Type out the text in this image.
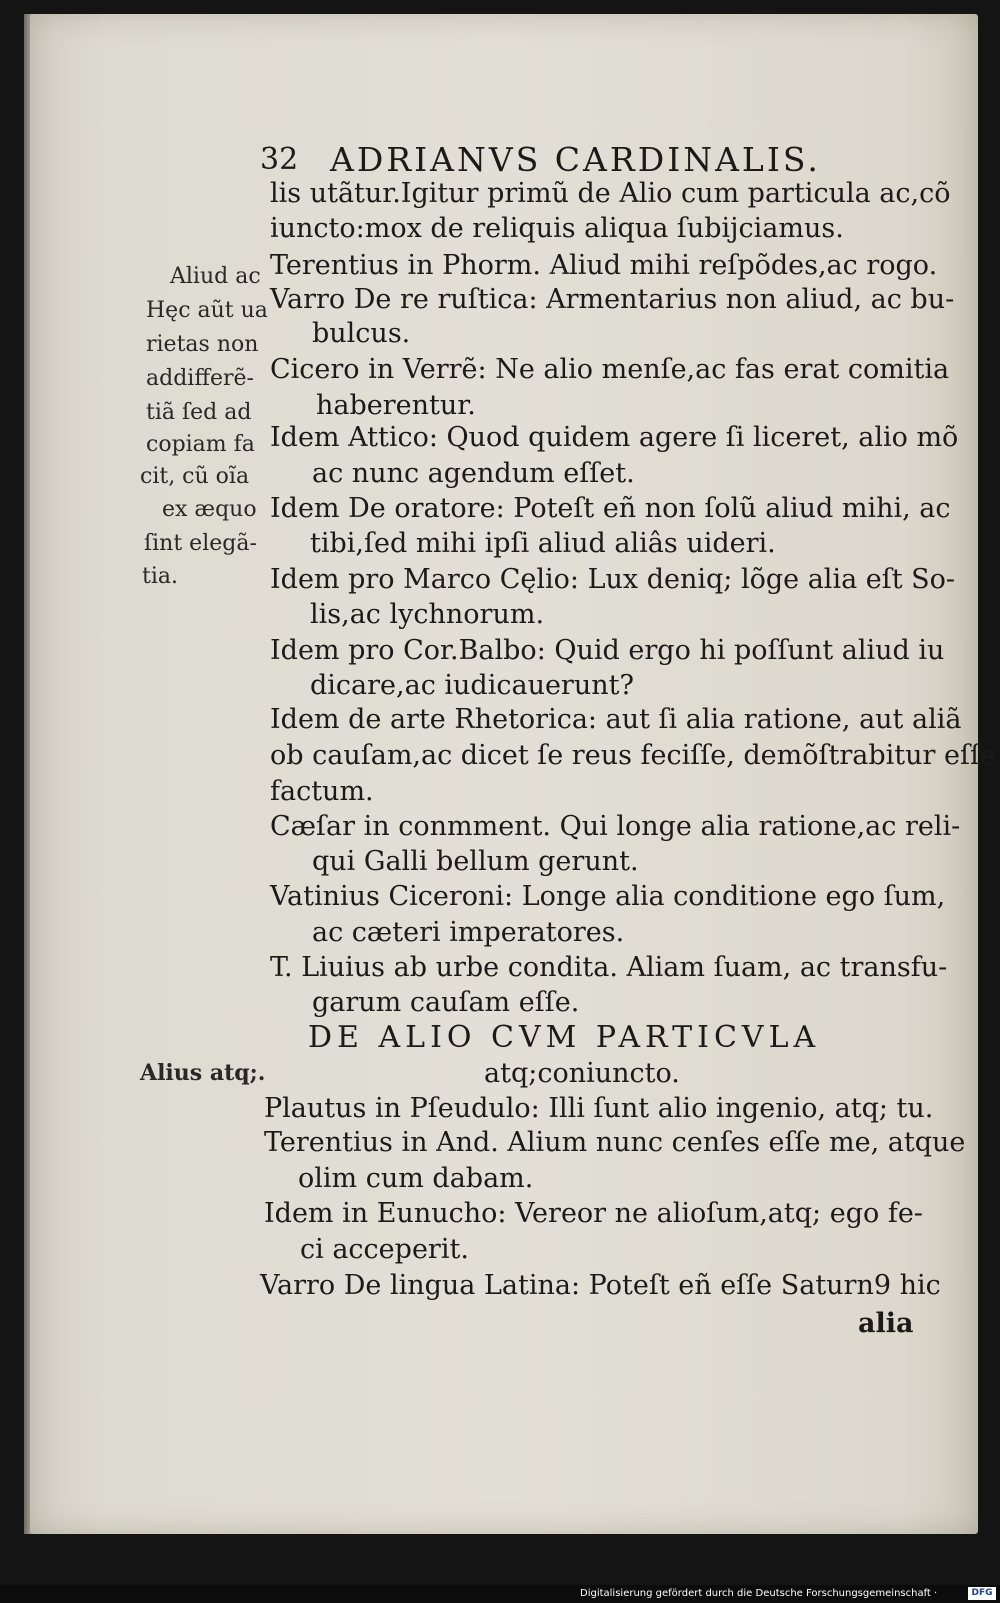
32 ADRIANVS CARDINALIS.
Aliud ac
Hęc aũt ua
rietas non
addifferẽ-
tiã ſed ad
copiam fa
cit, cũ oĩa
ex æquo
ſint elegã-
tia.
Alius atq;.
lis utãtur.Igitur primũ de Alio cum particula ac,cõ
iuncto:mox de reliquis aliqua ſubijciamus.
Terentius in Phorm. Aliud mihi reſpõdes,ac rogo.
Varro De re ruſtica: Armentarius non aliud, ac bu-
bulcus.
Cicero in Verrẽ: Ne alio menſe,ac fas erat comitia
haberentur.
Idem Attico: Quod quidem agere ſi liceret, alio mõ
ac nunc agendum eſſet.
Idem De oratore: Poteſt eñ non ſolũ aliud mihi, ac
tibi,ſed mihi ipſi aliud aliâs uideri.
Idem pro Marco Cęlio: Lux deniq; lõge alia eſt So-
lis,ac lychnorum.
Idem pro Cor.Balbo: Quid ergo hi poſſunt aliud iu
dicare,ac iudicauerunt?
Idem de arte Rhetorica: aut ſi alia ratione, aut aliã
ob cauſam,ac dicet ſe reus feciſſe, demõſtrabitur eſſe
factum.
Cæſar in conmment. Qui longe alia ratione,ac reli-
qui Galli bellum gerunt.
Vatinius Ciceroni: Longe alia conditione ego ſum,
ac cæteri imperatores.
T. Liuius ab urbe condita. Aliam ſuam, ac transfu-
garum cauſam eſſe.
DE ALIO CVM PARTICVLA
atq;coniuncto.
Plautus in Pſeudulo: Illi ſunt alio ingenio, atq; tu.
Terentius in And. Alium nunc cenſes eſſe me, atque
olim cum dabam.
Idem in Eunucho: Vereor ne alioſum,atq; ego fe-
ci acceperit.
Varro De lingua Latina: Poteſt eñ eſſe Saturn9 hic
alia
Digitalisierung gefördert durch die Deutsche Forschungsgemeinschaft ·	DFG
